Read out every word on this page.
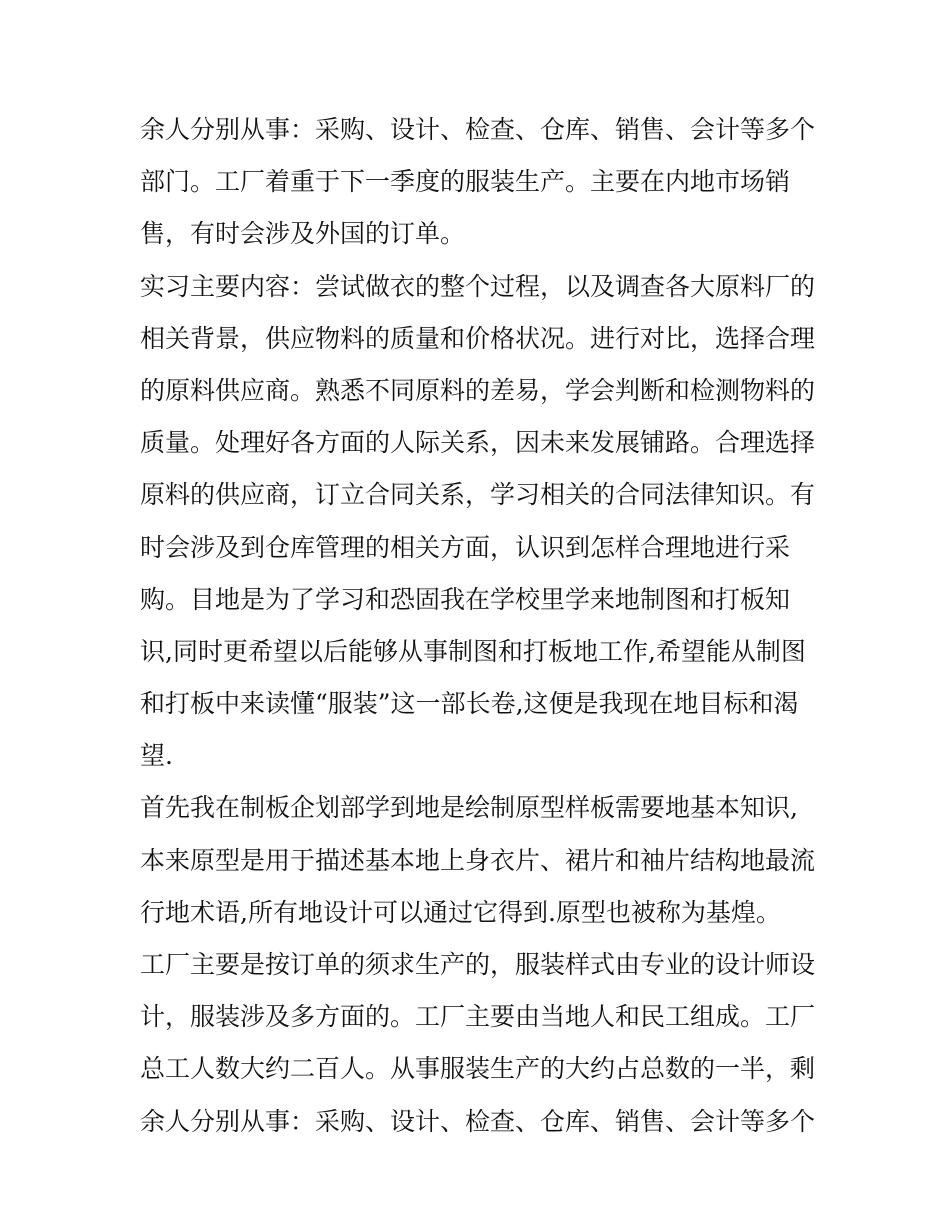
余人分别从事：采购、设计、检查、仓库、销售、会计等多个
部门。工厂着重于下一季度的服装生产。主要在内地市场销
售，有时会涉及外国的订单。
实习主要内容：尝试做衣的整个过程，以及调查各大原料厂的
相关背景，供应物料的质量和价格状况。进行对比，选择合理
的原料供应商。熟悉不同原料的差易，学会判断和检测物料的
质量。处理好各方面的人际关系，因未来发展铺路。合理选择
原料的供应商，订立合同关系，学习相关的合同法律知识。有
时会涉及到仓库管理的相关方面，认识到怎样合理地进行采
购。目地是为了学习和恐固我在学校里学来地制图和打板知
识,同时更希望以后能够从事制图和打板地工作,希望能从制图
和打板中来读懂“服装”这一部长卷,这便是我现在地目标和渴
望.
首先我在制板企划部学到地是绘制原型样板需要地基本知识,
本来原型是用于描述基本地上身衣片、裙片和袖片结构地最流
行地术语,所有地设计可以通过它得到.原型也被称为基煌。
工厂主要是按订单的须求生产的，服装样式由专业的设计师设
计，服装涉及多方面的。工厂主要由当地人和民工组成。工厂
总工人数大约二百人。从事服装生产的大约占总数的一半，剩
余人分别从事：采购、设计、检查、仓库、销售、会计等多个
